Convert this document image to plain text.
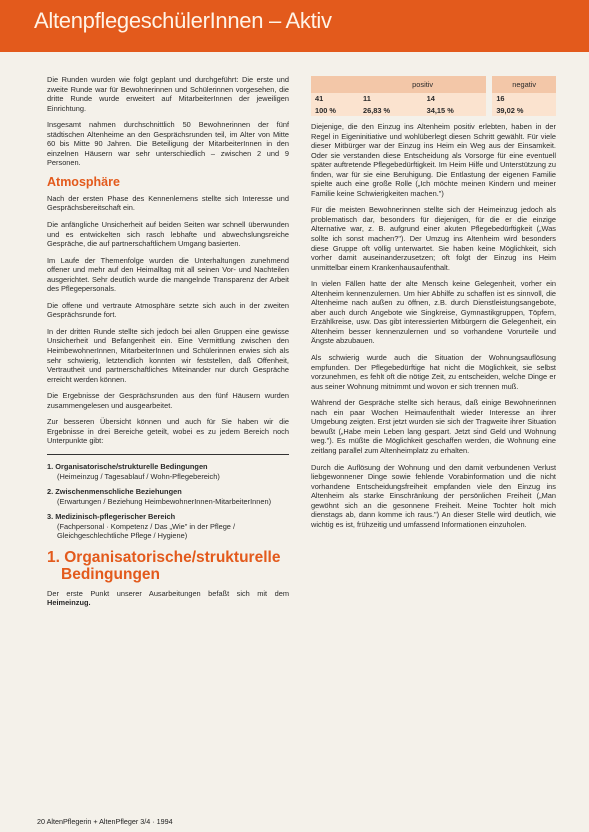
AltenpflegeschülerInnen – Aktiv

Die Runden wurden wie folgt geplant und durchgeführt: Die erste und zweite Runde war für Bewohnerinnen und Schülerinnen vorgesehen, die dritte Runde wurde erweitert auf MitarbeiterInnen der jeweiligen Einrichtung.

Insgesamt nahmen durchschnittlich 50 Bewohnerinnen der fünf städtischen Altenheime an den Gesprächsrunden teil, im Alter von Mitte 60 bis Mitte 90 Jahren. Die Beteiligung der MitarbeiterInnen in den einzelnen Häusern war sehr unterschiedlich – zwischen 2 und 9 Personen.

Atmosphäre

Nach der ersten Phase des Kennenlernens stellte sich Interesse und Gesprächsbereitschaft ein.

Die anfängliche Unsicherheit auf beiden Seiten war schnell überwunden und es entwickelten sich rasch lebhafte und abwechslungsreiche Gespräche, die auf partnerschaftlichem Umgang basierten.

Im Laufe der Themenfolge wurden die Unterhaltungen zunehmend offener und mehr auf den Heimalltag mit all seinen Vor- und Nachteilen ausgerichtet. Sehr deutlich wurde die mangelnde Transparenz der Arbeit des Pflegepersonals.

Die offene und vertraute Atmosphäre setzte sich auch in der zweiten Gesprächsrunde fort.

In der dritten Runde stellte sich jedoch bei allen Gruppen eine gewisse Unsicherheit und Befangenheit ein. Eine Vermittlung zwischen den HeimbewohnerInnen, MitarbeiterInnen und Schülerinnen erwies sich als sehr schwierig, letztendlich konnten wir feststellen, daß Offenheit, Vertrautheit und partnerschaftliches Miteinander nur durch Gespräche erreicht werden können.

Die Ergebnisse der Gesprächsrunden aus den fünf Häusern wurden zusammengelesen und ausgearbeitet.

Zur besseren Übersicht können und auch für Sie haben wir die Ergebnisse in drei Bereiche geteilt, wobei es zu jedem Bereich noch Unterpunkte gibt:

1. Organisatorische/strukturelle Bedingungen
(Heimeinzug / Tagesablauf / Wohn-Pflegebereich)
2. Zwischenmenschliche Beziehungen
(Erwartungen / Beziehung HeimbewohnerInnen-MitarbeiterInnen)
3. Medizinisch-pflegerischer Bereich
(Fachpersonal · Kompetenz / Das „Wie" in der Pflege / Gleichgeschlechtliche Pflege / Hygiene)
1. Organisatorische/strukturelle
Bedingungen

Der erste Punkt unserer Ausarbeitungen befaßt sich mit dem Heimeinzug.

	positiv			negativ
41	11	14		16
100 %	26,83 %	34,15 %		39,02 %

Diejenige, die den Einzug ins Altenheim positiv erlebten, haben in der Regel in Eigeninitiative und wohlüberlegt diesen Schritt gewählt. Für viele dieser Mitbürger war der Einzug ins Heim ein Weg aus der Einsamkeit. Oder sie verstanden diese Entscheidung als Vorsorge für eine eventuell später auftretende Pflegebedürftigkeit. Im Heim Hilfe und Unterstützung zu finden, war für sie eine Beruhigung. Die Entlastung der eigenen Familie spielte auch eine große Rolle („Ich möchte meinen Kindern und meiner Familie keine Schwierigkeiten machen.")

Für die meisten Bewohnerinnen stellte sich der Heimeinzug jedoch als problematisch dar, besonders für diejenigen, für die er die einzige Alternative war, z. B. aufgrund einer akuten Pflegebedürftigkeit („Was sollte ich sonst machen?"). Der Umzug ins Altenheim wird besonders diese Gruppe oft völlig unterwartet. Sie haben keine Möglichkeit, sich vorher damit auseinanderzusetzen; oft folgt der Einzug ins Heim unmittelbar einem Krankenhausaufenthalt.

In vielen Fällen hatte der alte Mensch keine Gelegenheit, vorher ein Altenheim kennenzulernen. Um hier Abhilfe zu schaffen ist es sinnvoll, die Altenheime nach außen zu öffnen, z.B. durch Dienstleistungsangebote, aber auch durch Angebote wie Singkreise, Gymnastikgruppen, Töpfern, Erzählkreise, usw. Das gibt interessierten Mitbürgern die Gelegenheit, ein Altenheim besser kennenzulernen und so vorhandene Vorurteile und Ängste abzubauen.

Als schwierig wurde auch die Situation der Wohnungsauflösung empfunden. Der Pflegebedürftige hat nicht die Möglichkeit, sie selbst vorzunehmen, es fehlt oft die nötige Zeit, zu entscheiden, welche Dinge er aus seiner Wohnung mitnimmt und wovon er sich trennen muß.

Während der Gespräche stellte sich heraus, daß einige Bewohnerinnen nach ein paar Wochen Heimaufenthalt wieder Interesse an ihrer Umgebung zeigten. Erst jetzt wurden sie sich der Tragweite ihrer Situation bewußt („Habe mein Leben lang gespart. Jetzt sind Geld und Wohnung weg."). Es müßte die Möglichkeit geschaffen werden, die Wohnung eine zeitlang parallel zum Altenheimplatz zu erhalten.

Durch die Auflösung der Wohnung und den damit verbundenen Verlust liebgewonnener Dinge sowie fehlende Vorabinformation und die nicht vorhandene Entscheidungsfreiheit empfanden viele den Einzug ins Altenheim als starke Einschränkung der persönlichen Freiheit („Man gewöhnt sich an die gesonnene Freiheit. Meine Tochter holt mich dienstags ab, dann komme ich raus.") An dieser Stelle wird deutlich, wie wichtig es ist, frühzeitig und umfassend Informationen einzuholen.

20 AltenPflegerin + AltenPfleger 3/4 · 1994
